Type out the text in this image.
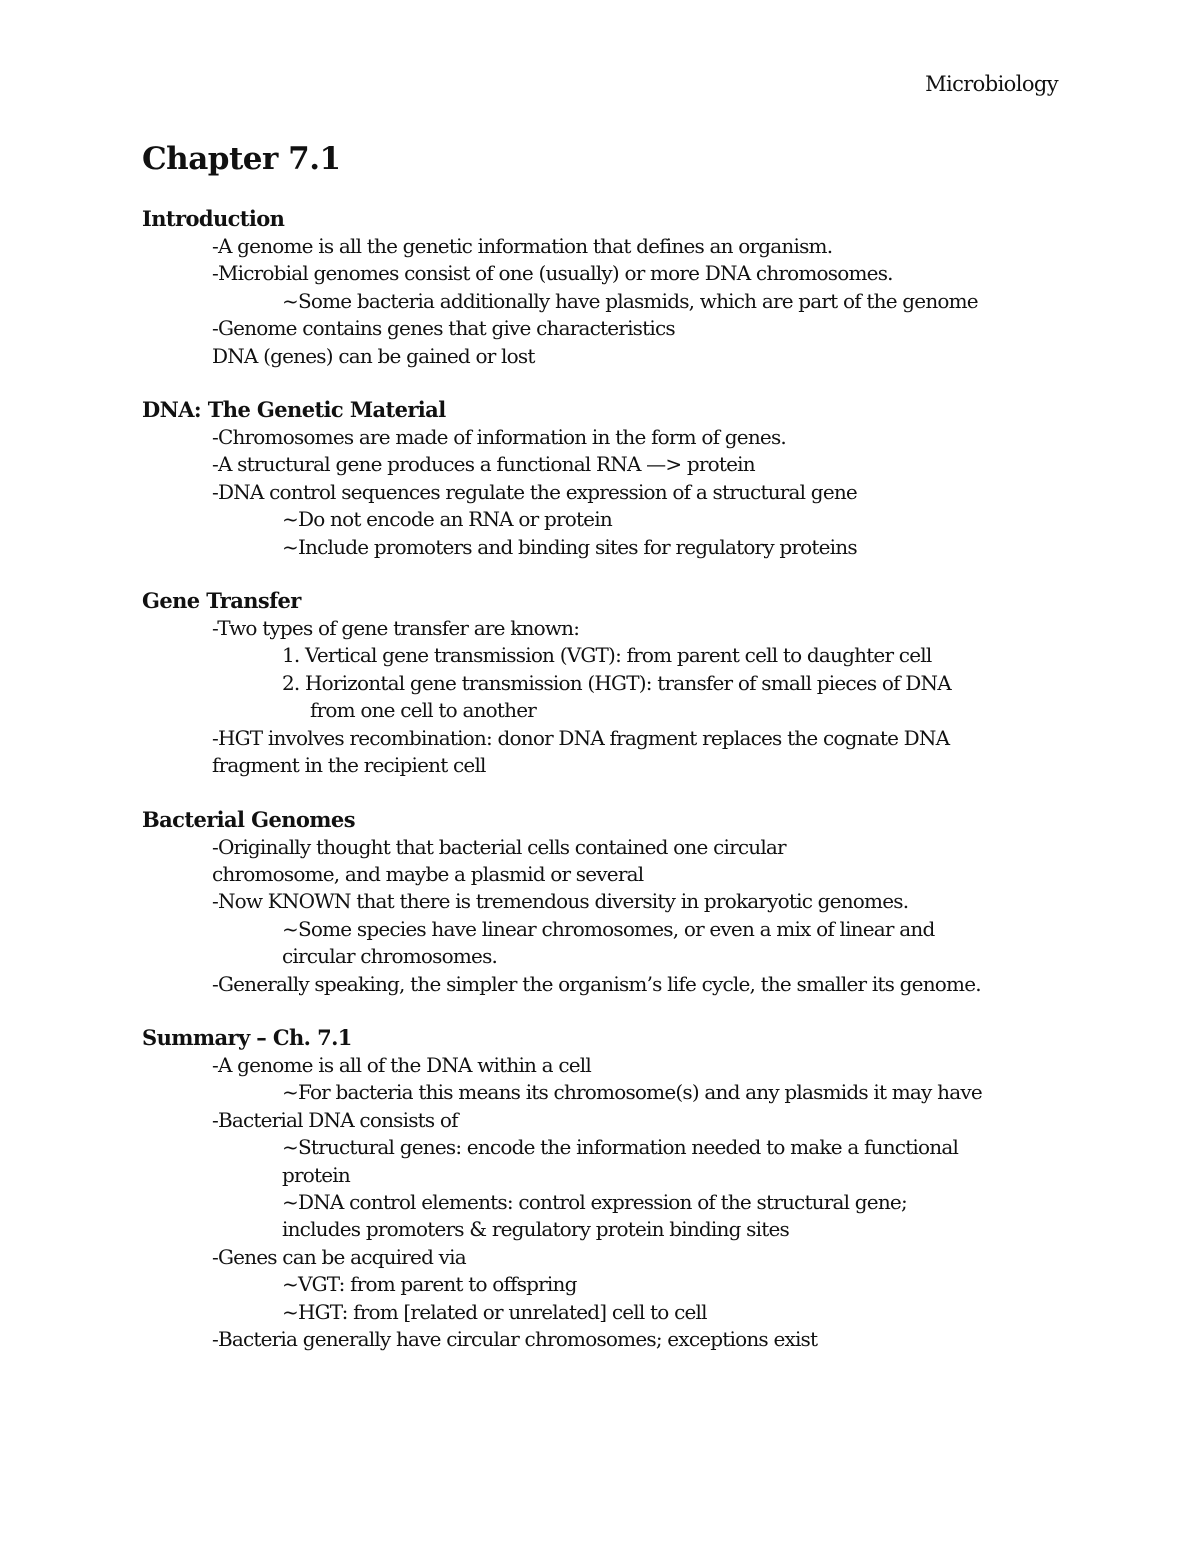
Microbiology
Chapter 7.1
Introduction
-A genome is all the genetic information that defines an organism.
-Microbial genomes consist of one (usually) or more DNA chromosomes.
~Some bacteria additionally have plasmids, which are part of the genome
-Genome contains genes that give characteristics
DNA (genes) can be gained or lost
DNA: The Genetic Material
-Chromosomes are made of information in the form of genes.
-A structural gene produces a functional RNA —> protein
-DNA control sequences regulate the expression of a structural gene
~Do not encode an RNA or protein
~Include promoters and binding sites for regulatory proteins
Gene Transfer
-Two types of gene transfer are known:
1. Vertical gene transmission (VGT): from parent cell to daughter cell
2. Horizontal gene transmission (HGT): transfer of small pieces of DNA
from one cell to another
-HGT involves recombination: donor DNA fragment replaces the cognate DNA
fragment in the recipient cell
Bacterial Genomes
-Originally thought that bacterial cells contained one circular
chromosome, and maybe a plasmid or several
-Now KNOWN that there is tremendous diversity in prokaryotic genomes.
~Some species have linear chromosomes, or even a mix of linear and
circular chromosomes.
-Generally speaking, the simpler the organism’s life cycle, the smaller its genome.
Summary – Ch. 7.1
-A genome is all of the DNA within a cell
~For bacteria this means its chromosome(s) and any plasmids it may have
-Bacterial DNA consists of
~Structural genes: encode the information needed to make a functional
protein
~DNA control elements: control expression of the structural gene;
includes promoters & regulatory protein binding sites
-Genes can be acquired via
~VGT: from parent to offspring
~HGT: from [related or unrelated] cell to cell
-Bacteria generally have circular chromosomes; exceptions exist
